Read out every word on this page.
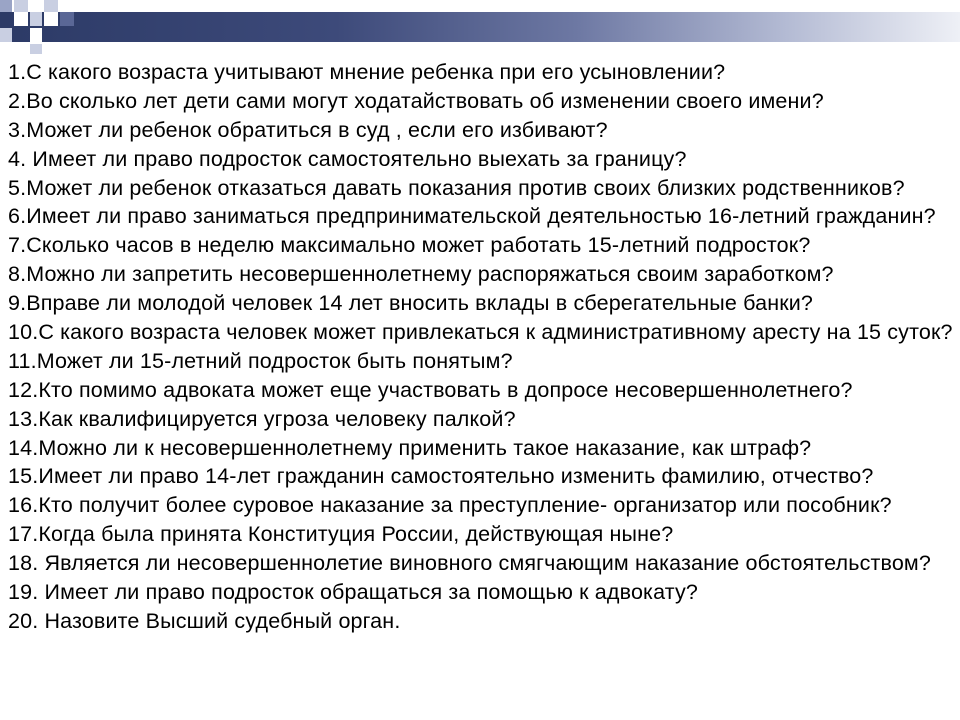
1.С какого возраста учитывают мнение ребенка при его усыновлении?
2.Во сколько лет дети сами могут ходатайствовать об изменении своего имени?
3.Может ли ребенок обратиться в суд , если его избивают?
4. Имеет ли право подросток самостоятельно выехать за границу?
5.Может ли ребенок отказаться давать показания против своих близких родственников?
6.Имеет ли право заниматься предпринимательской деятельностью 16-летний гражданин?
7.Сколько часов в неделю максимально может работать 15-летний подросток?
8.Можно ли запретить несовершеннолетнему распоряжаться своим заработком?
9.Вправе ли молодой человек 14 лет вносить вклады в сберегательные банки?
10.С какого возраста человек может привлекаться к административному аресту на 15 суток?
11.Может ли 15-летний подросток быть понятым?
12.Кто помимо адвоката может еще участвовать в допросе несовершеннолетнего?
13.Как квалифицируется угроза человеку палкой?
14.Можно ли к несовершеннолетнему применить такое наказание, как штраф?
15.Имеет ли право 14-лет гражданин самостоятельно изменить фамилию, отчество?
16.Кто получит более суровое наказание за преступление- организатор или пособник?
17.Когда была принята Конституция России, действующая ныне?
18. Является ли несовершеннолетие виновного смягчающим наказание обстоятельством?
19. Имеет ли право подросток обращаться за помощью к адвокату?
20. Назовите Высший судебный орган.
